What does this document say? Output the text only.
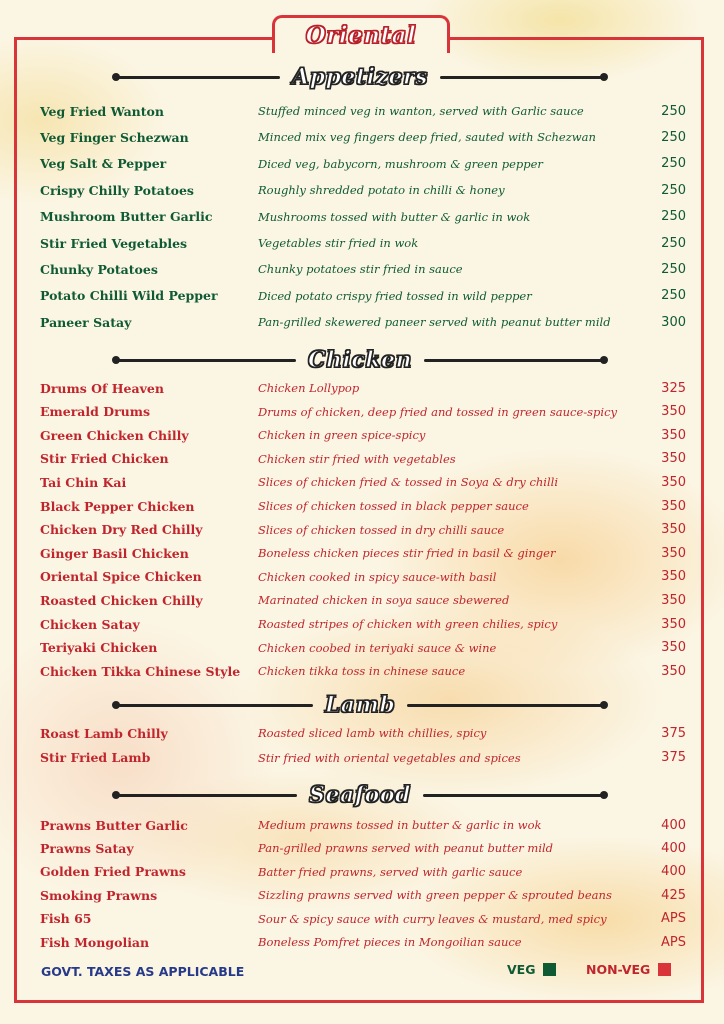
Oriental
Appetizers
Veg Fried Wanton	Stuffed minced veg in wanton, served with Garlic sauce	250
Veg Finger Schezwan	Minced mix veg fingers deep fried, sauted with Schezwan	250
Veg Salt & Pepper	Diced veg, babycorn, mushroom & green pepper	250
Crispy Chilly Potatoes	Roughly shredded potato in chilli & honey	250
Mushroom Butter Garlic	Mushrooms tossed with butter & garlic in wok	250
Stir Fried Vegetables	Vegetables stir fried in wok	250
Chunky Potatoes	Chunky potatoes stir fried in sauce	250
Potato Chilli Wild Pepper	Diced potato crispy fried tossed in wild pepper	250
Paneer Satay	Pan-grilled skewered paneer served with peanut butter mild	300
Chicken
Drums Of Heaven	Chicken Lollypop	325
Emerald Drums	Drums of chicken, deep fried and tossed in green sauce-spicy	350
Green Chicken Chilly	Chicken in green spice-spicy	350
Stir Fried Chicken	Chicken stir fried with vegetables	350
Tai Chin Kai	Slices of chicken fried & tossed in Soya & dry chilli	350
Black Pepper Chicken	Slices of chicken tossed in black pepper sauce	350
Chicken Dry Red Chilly	Slices of chicken tossed in dry chilli sauce	350
Ginger Basil Chicken	Boneless chicken pieces stir fried in basil & ginger	350
Oriental Spice Chicken	Chicken cooked in spicy sauce-with basil	350
Roasted Chicken Chilly	Marinated chicken in soya sauce sbewered	350
Chicken Satay	Roasted stripes of chicken with green chilies, spicy	350
Teriyaki Chicken	Chicken coobed in teriyaki sauce & wine	350
Chicken Tikka Chinese Style	Chicken tikka toss in chinese sauce	350
Lamb
Roast Lamb Chilly	Roasted sliced lamb with chillies, spicy	375
Stir Fried Lamb	Stir fried with oriental vegetables and spices	375
Seafood
Prawns Butter Garlic	Medium prawns tossed in butter & garlic in wok	400
Prawns Satay	Pan-grilled prawns served with peanut butter mild	400
Golden Fried Prawns	Batter fried prawns, served with garlic sauce	400
Smoking Prawns	Sizzling prawns served with green pepper & sprouted beans	425
Fish 65	Sour & spicy sauce with curry leaves & mustard, med spicy	APS
Fish Mongolian	Boneless Pomfret pieces in Mongoilian sauce	APS
GOVT. TAXES AS APPLICABLE	VEG	NON-VEG
